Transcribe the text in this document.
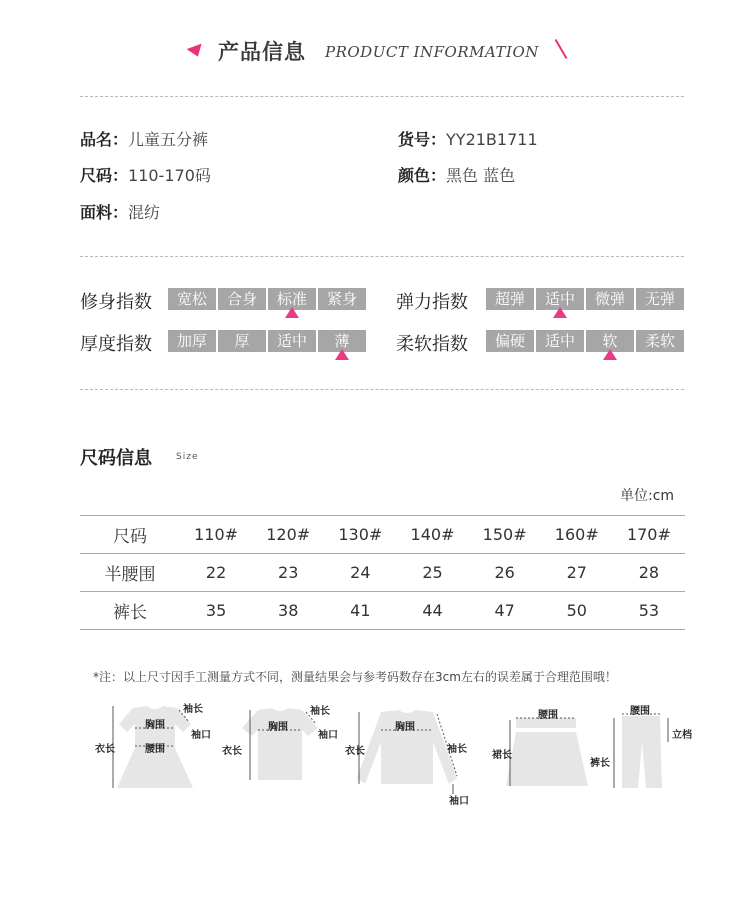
产品信息 PRODUCT INFORMATION
品名：儿童五分裤	货号：YY21B1711
尺码：110-170码	颜色：黑色 蓝色
面料：混纺
修身指数	宽松	合身	标准	紧身	弹力指数	超弹	适中	微弹	无弹
厚度指数	加厚	厚	适中	薄	柔软指数	偏硬	适中	软	柔软
尺码信息	Size
单位:cm
尺码	110#	120#	130#	140#	150#	160#	170#
半腰围	22	23	24	25	26	27	28
裤长	35	38	41	44	47	50	53
*注：以上尺寸因手工测量方式不同，测量结果会与参考码数存在3cm左右的误差属于合理范围哦！
胸围
腰围
袖长
袖口
衣长
胸围
袖长
袖口
衣长
胸围
袖长
袖口
衣长
腰围
裙长
腰围
裤长
立档
